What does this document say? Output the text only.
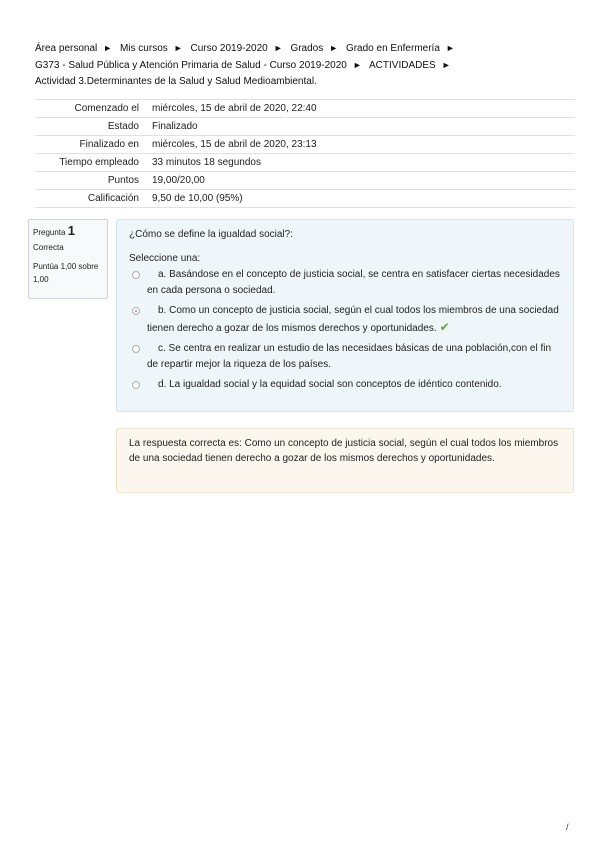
Área personal ► Mis cursos ► Curso 2019-2020 ► Grados ► Grado en Enfermería ►
G373 - Salud Pública y Atención Primaria de Salud - Curso 2019-2020 ► ACTIVIDADES ►
Actividad 3.Determinantes de la Salud y Salud Medioambiental.
Comenzado el	miércoles, 15 de abril de 2020, 22:40
Estado	Finalizado
Finalizado en	miércoles, 15 de abril de 2020, 23:13
Tiempo empleado	33 minutos 18 segundos
Puntos	19,00/20,00
Calificación	9,50 de 10,00 (95%)
Pregunta 1
Correcta
Puntúa 1,00 sobre 1,00
¿Cómo se define la igualdad social?:
Seleccione una:
a. Basándose en el concepto de justicia social, se centra en satisfacer ciertas necesidades en cada persona o sociedad.
b. Como un concepto de justicia social, según el cual todos los miembros de una sociedad tienen derecho a gozar de los mismos derechos y oportunidades. ✔
c. Se centra en realizar un estudio de las necesidaes básicas de una población,con el fin de repartir mejor la riqueza de los países.
d. La igualdad social y la equidad social son conceptos de idéntico contenido.
La respuesta correcta es: Como un concepto de justicia social, según el cual todos los miembros de una sociedad tienen derecho a gozar de los mismos derechos y oportunidades.
/
